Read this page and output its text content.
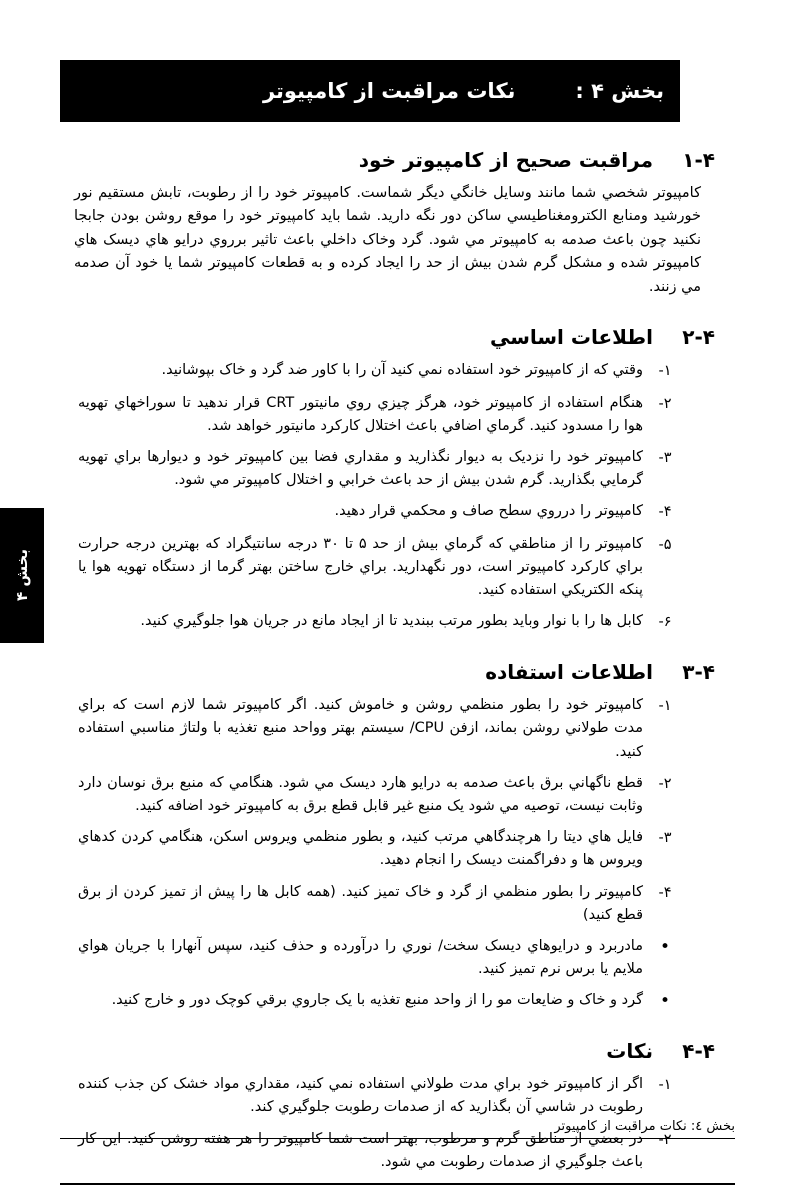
بخش ۴
بخش ۴ :
نکات مراقبت از کامپیوتر
۱-۴
مراقبت صحيح از کامپيوتر خود

کامپيوتر شخصي شما مانند وسايل خانگي ديگر شماست. کامپيوتر خود را از رطوبت، تابش مستقيم نور خورشيد ومنابع الکترومغناطيسي ساکن دور نگه داريد. شما بايد کامپيوتر خود را موقع روشن بودن جابجا نکنيد چون باعث صدمه به کامپيوتر مي شود. گرد وخاک داخلي باعث تاثير برروي درايو هاي ديسک هاي کامپيوتر شده و مشکل گرم شدن بيش از حد را ايجاد کرده و به قطعات کامپيوتر شما يا خود آن صدمه مي زنند.

۲-۴
اطلاعات اساسي
۱-
وقتي که از کامپيوتر خود استفاده نمي کنيد آن را با کاور ضد گرد و خاک بپوشانيد.
۲-
هنگام استفاده از کامپيوتر خود، هرگز چيزي روي مانيتور CRT قرار ندهيد تا سوراخهاي تهويه هوا را مسدود کنيد. گرماي اضافي باعث اختلال کارکرد مانيتور خواهد شد.
۳-
کامپيوتر خود را نزديک به ديوار نگذاريد و مقداري فضا بين کامپيوتر خود و ديوارها براي تهويه گرمايي بگذاريد. گرم شدن بيش از حد باعث خرابي و اختلال کامپيوتر مي شود.
۴-
کامپيوتر را درروي سطح صاف و محکمي قرار دهيد.
۵-
کامپيوتر را از مناطقي که گرماي بيش از حد ۵ تا ۳۰ درجه سانتيگراد که بهترين درجه حرارت براي کارکرد کامپيوتر است، دور نگهداريد. براي خارج ساختن بهتر گرما از دستگاه تهويه هوا يا پنکه الکتريکي استفاده کنيد.
۶-
کابل ها را با نوار وبايد بطور مرتب ببنديد تا از ايجاد مانع در جريان هوا جلوگيري کنيد.
۳-۴
اطلاعات استفاده
۱-
کامپيوتر خود را بطور منظمي روشن و خاموش کنيد. اگر کامپيوتر شما لازم است که براي مدت طولاني روشن بماند، ازفن CPU/ سيستم بهتر وواحد منبع تغذيه با ولتاژ مناسبي استفاده کنيد.
۲-
قطع ناگهاني برق باعث صدمه به درايو هارد ديسک مي شود. هنگامي که منبع برق نوسان دارد وثابت نيست، توصيه مي شود يک منبع غير قابل قطع برق به کامپيوتر خود اضافه کنيد.
۳-
فايل هاي ديتا را هرچندگاهي مرتب کنيد، و بطور منظمي ويروس اسکن، هنگامي کردن کدهاي ويروس ها و دفراگمنت ديسک را انجام دهيد.
۴-
کامپيوتر را بطور منظمي از گرد و خاک تميز کنيد. (همه کابل ها را پيش از تميز کردن از برق قطع کنيد)
•
مادربرد و درايوهاي ديسک سخت/ نوري را درآورده و حذف کنيد، سپس آنهارا با جريان هواي ملايم يا برس نرم تميز کنيد.
•
گرد و خاک و ضايعات مو را از واحد منبع تغذيه با يک جاروي برقي کوچک دور و خارج کنيد.
۴-۴
نکات
۱-
اگر از کامپيوتر خود براي مدت طولاني استفاده نمي کنيد، مقداري مواد خشک کن جذب کننده رطوبت در شاسي آن بگذاريد که از صدمات رطوبت جلوگيري کند.
۲-
در بعضي از مناطق گرم و مرطوب، بهتر است شما کامپيوتر را هر هفته روشن کنيد. اين کار باعث جلوگيري از صدمات رطوبت مي شود.
بخش ٤: نکات مراقبت از کامپيوتر
